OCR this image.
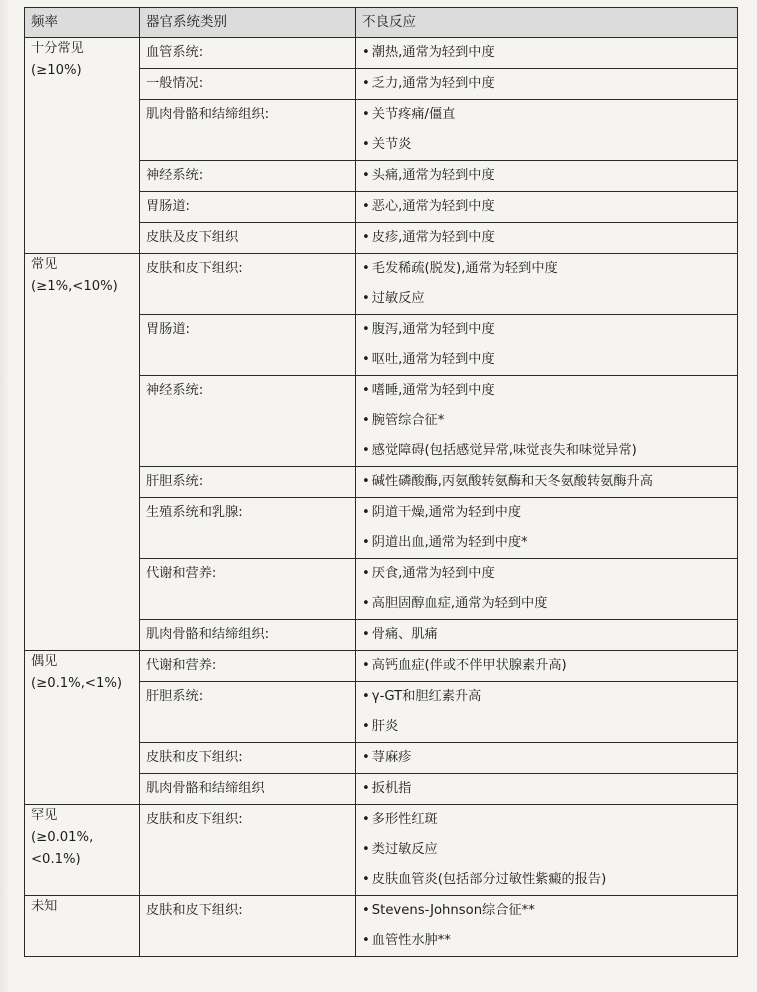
频率	器官系统类别	不良反应

十分常见
(≥10%)	血管系统:	• 潮热,通常为轻到中度

	一般情况:	• 乏力,通常为轻到中度

	肌肉骨骼和结缔组织:	• 关节疼痛/僵直
• 关节炎

	神经系统:	• 头痛,通常为轻到中度

	胃肠道:	• 恶心,通常为轻到中度

	皮肤及皮下组织	• 皮疹,通常为轻到中度

常见
(≥1%,<10%)	皮肤和皮下组织:	• 毛发稀疏(脱发),通常为轻到中度
• 过敏反应

	胃肠道:	• 腹泻,通常为轻到中度
• 呕吐,通常为轻到中度

	神经系统:	• 嗜睡,通常为轻到中度
• 腕管综合征*
• 感觉障碍(包括感觉异常,味觉丧失和味觉异常)

	肝胆系统:	• 碱性磷酸酶,丙氨酸转氨酶和天冬氨酸转氨酶升高

	生殖系统和乳腺:	• 阴道干燥,通常为轻到中度
• 阴道出血,通常为轻到中度*

	代谢和营养:	• 厌食,通常为轻到中度
• 高胆固醇血症,通常为轻到中度

	肌肉骨骼和结缔组织:	• 骨痛、肌痛

偶见
(≥0.1%,<1%)	代谢和营养:	• 高钙血症(伴或不伴甲状腺素升高)

	肝胆系统:	• γ-GT和胆红素升高
• 肝炎

	皮肤和皮下组织:	• 荨麻疹

	肌肉骨骼和结缔组织	• 扳机指

罕见
(≥0.01%,
<0.1%)	皮肤和皮下组织:	• 多形性红斑
• 类过敏反应
• 皮肤血管炎(包括部分过敏性紫癜的报告)

未知	皮肤和皮下组织:	• Stevens-Johnson综合征**
• 血管性水肿**
